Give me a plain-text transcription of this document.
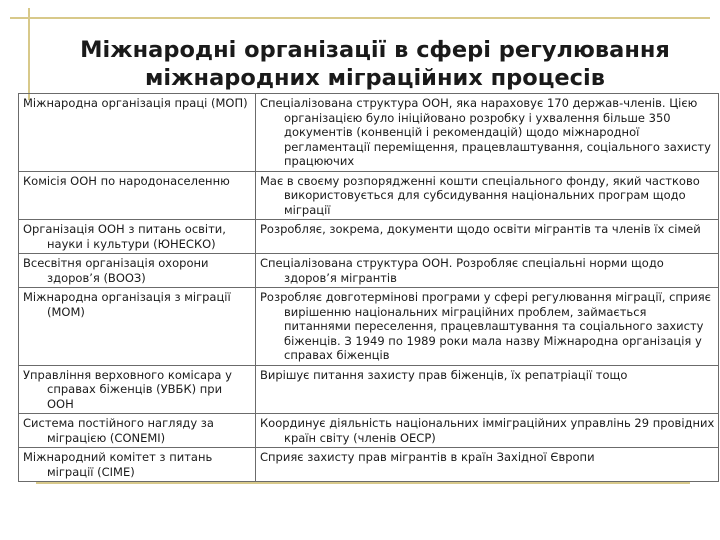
Міжнародні організації в сфері регулювання
міжнародних міграційних процесів
Міжнародна організація праці (МОП)	Спеціалізована структура ООН, яка нараховує 170 держав-членів. Цією організацією було ініційовано розробку і ухвалення більше 350 документів (конвенцій і рекомендацій) щодо міжнародної регламентації переміщення, працевлаштування, соціального захисту працюючих

Комісія ООН по народонаселенню	Має в своєму розпорядженні кошти спеціального фонду, який частково використовується для субсидування національних програм щодо міграції

Організація ООН з питань освіти, науки і культури (ЮНЕСКО)	Розробляє, зокрема, документи щодо освіти мігрантів та членів їх сімей

Всесвітня організація охорони здоров’я (ВООЗ)	Спеціалізована структура ООН. Розробляє спеціальні норми щодо здоров’я мігрантів

Міжнародна організація з міграції (МОМ)	Розробляє довготермінові програми у сфері регулювання міграції, сприяє вирішенню національних міграційних проблем, займається питаннями переселення, працевлаштування та соціального захисту біженців. З 1949 по 1989 роки мала назву Міжнародна організація у справах біженців

Управління верховного комісара у справах біженців (УВБК) при ООН	Вирішує питання захисту прав біженців, їх репатріації тощо

Система постійного нагляду за міграцією (СОNЕМІ)	Координує діяльність національних імміграційних управлінь 29 провідних країн світу (членів ОЕСР)

Міжнародний комітет з питань міграції (СІМЕ)	Сприяє захисту прав мігрантів в країн Західної Європи
